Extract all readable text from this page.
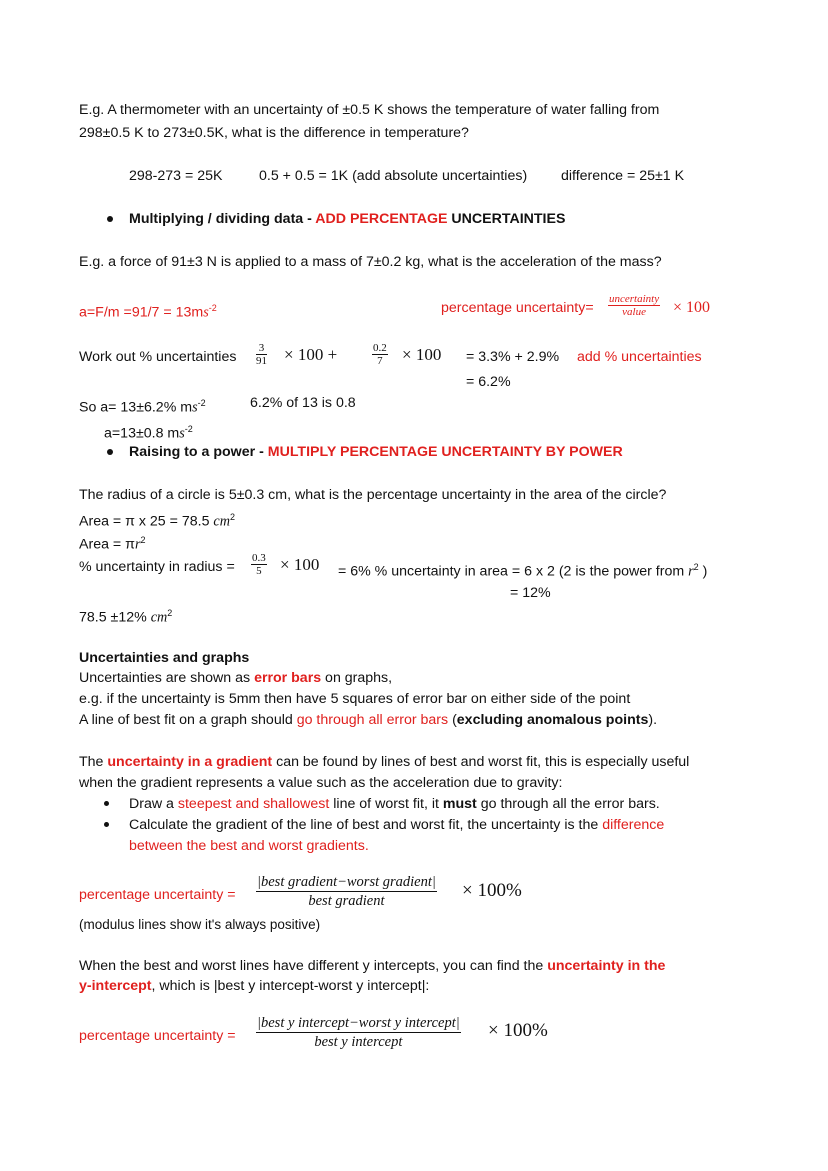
E.g. A thermometer with an uncertainty of ±0.5 K shows the temperature of water falling from
298±0.5 K to 273±0.5K, what is the difference in temperature?
298-273 = 25K	0.5 + 0.5 = 1K (add absolute uncertainties) difference = 25±1 K
Multiplying / dividing data - ADD PERCENTAGE UNCERTAINTIES
E.g. a force of 91±3 N is applied to a mass of 7±0.2 kg, what is the acceleration of the mass?
$a=F/m =91/7 = 13ms^{-2}$	percentage uncertainty=
uncertainty
value	× 100
Work out % uncertainties $\frac{3}{91} \times 100$ +	$\frac{0.2}{7} \times 100 = 3.3\% + 2.9\%$ add % uncertainties
= 6.2%
So a= 13±6.2% $ms^{-2}$	6.2% of 13 is 0.8
a=13±0.8 $ms^{-2}$
Raising to a power - MULTIPLY PERCENTAGE UNCERTAINTY BY POWER
The radius of a circle is 5±0.3 cm, what is the percentage uncertainty in the area of the circle?
Area = π x 25 = 78.5 $cm^2$
Area = $\pi r^2$
% uncertainty in radius = $\frac{0.3}{5} \times 100 = 6\%$ % uncertainty in area = 6 x 2 (2 is the power from $r^2$ )
= 12%
78.5 ±12% $cm^2$
Uncertainties and graphs
Uncertainties are shown as error bars on graphs,
e.g. if the uncertainty is 5mm then have 5 squares of error bar on either side of the point
A line of best fit on a graph should go through all error bars (excluding anomalous points).
The uncertainty in a gradient can be found by lines of best and worst fit, this is especially useful
when the gradient represents a value such as the acceleration due to gravity:
Draw a steepest and shallowest line of worst fit, it must go through all the error bars.
Calculate the gradient of the line of best and worst fit, the uncertainty is the difference
between the best and worst gradients.
percentage uncertainty =
|best gradient−worst gradient|
best gradient	× 100%
(modulus lines show it's always positive)
When the best and worst lines have different y intercepts, you can find the uncertainty in the
y-intercept, which is |best y intercept-worst y intercept|:
percentage uncertainty =
|best y intercept−worst y intercept|
best y intercept
× 100%
